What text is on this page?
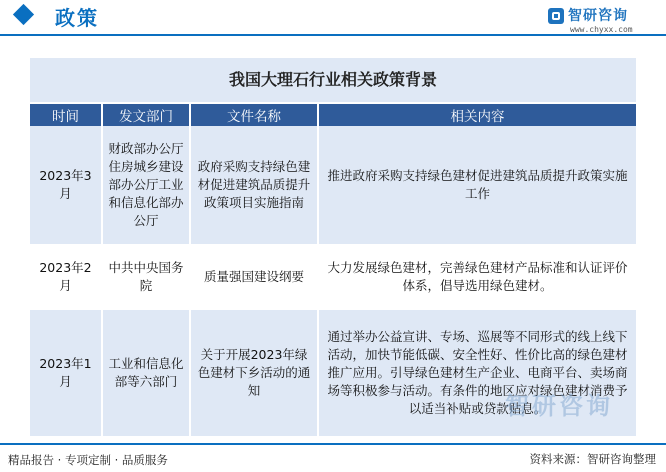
政策	智研咨询
www.chyxx.com
我国大理石行业相关政策背景
时间	发文部门	文件名称	相关内容
2023年3月	财政部办公厅住房城乡建设部办公厅工业和信息化部办公厅	政府采购支持绿色建材促进建筑品质提升政策项目实施指南	推进政府采购支持绿色建材促进建筑品质提升政策实施工作
2023年2月	中共中央国务院	质量强国建设纲要	大力发展绿色建材，完善绿色建材产品标准和认证评价体系，倡导选用绿色建材。
2023年1月	工业和信息化部等六部门	关于开展2023年绿色建材下乡活动的通知	通过举办公益宣讲、专场、巡展等不同形式的线上线下活动，加快节能低碳、安全性好、性价比高的绿色建材推广应用。引导绿色建材生产企业、电商平台、卖场商场等积极参与活动。有条件的地区应对绿色建材消费予以适当补贴或贷款贴息。
智研咨询
精品报告 · 专项定制 · 品质服务	资料来源：智研咨询整理
